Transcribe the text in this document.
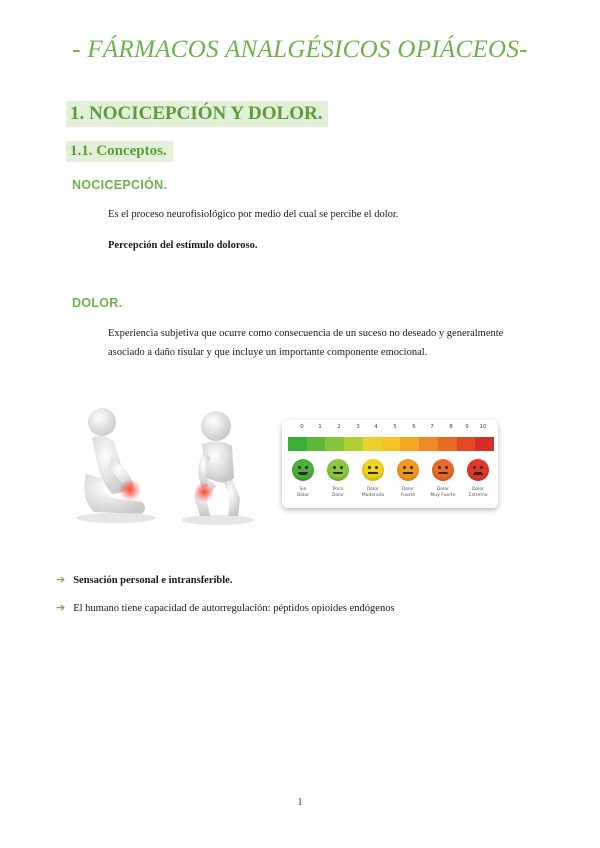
- FÁRMACOS ANALGÉSICOS OPIÁCEOS-
1. NOCICEPCIÓN Y DOLOR.
1.1. Conceptos.
NOCICEPCIÓN.
Es el proceso neurofisiológico por medio del cual se percibe el dolor.
Percepción del estímulo doloroso.
DOLOR.
Experiencia subjetiva que ocurre como consecuencia de un suceso no deseado y generalmente
asociado a daño tisular y que incluye un importante componente emocional.
0	1	2	3	4	5	6	7	8	9	10
Sin
Dolor
Poco
Dolor
Dolor
Moderado
Dolor
Fuerte
Dolor
Muy Fuerte
Dolor
Extremo
➔ Sensación personal e intransferible.
➔ El humano tiene capacidad de autorregulación: péptidos opioides endógenos
1
